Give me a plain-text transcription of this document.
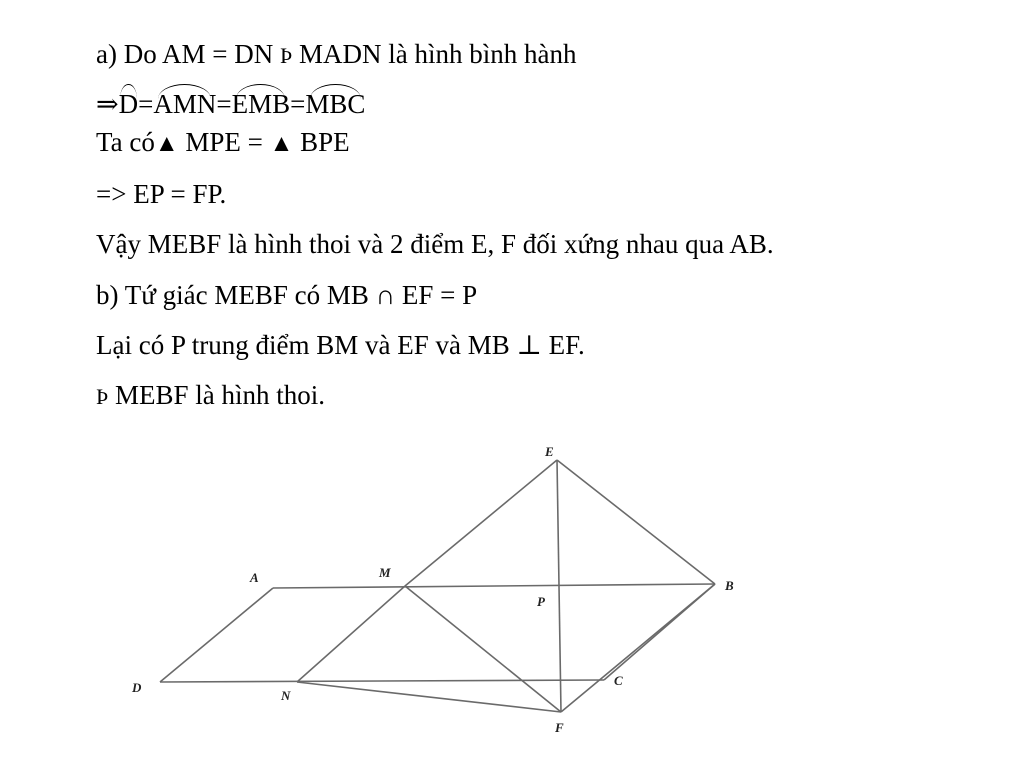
a) Do AM = DN Þ MADN là hình bình hành
⇒D=AMN=EMB=MBC
Ta có▲ MPE = ▲ BPE
=> EP = FP.
Vậy MEBF là hình thoi và 2 điểm E, F đối xứng nhau qua AB.
b) Tứ giác MEBF có MB ∩ EF = P
Lại có P trung điểm BM và EF và MB ⊥ EF.
Þ MEBF là hình thoi.
E
A	M
B
P
D
N
C
F
